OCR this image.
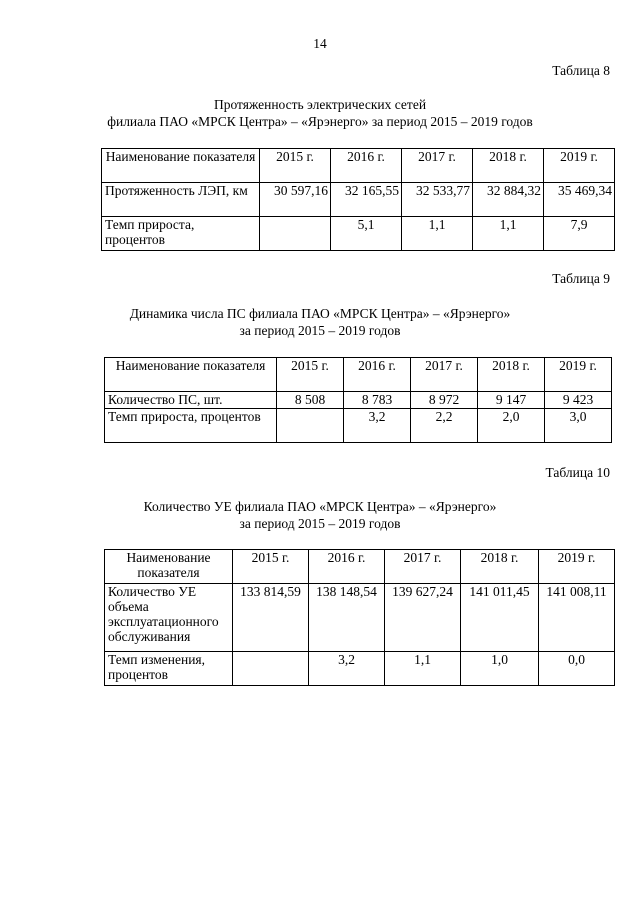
14
Таблица 8
Протяженность электрических сетей
филиала ПАО «МРСК Центра» – «Ярэнерго» за период 2015 – 2019 годов
Наименование показателя	2015 г.	2016 г.	2017 г.	2018 г.	2019 г.
Протяженность ЛЭП, км	30 597,16	32 165,55	32 533,77	32 884,32	35 469,34
Темп прироста, процентов		5,1	1,1	1,1	7,9
Таблица 9
Динамика числа ПС филиала ПАО «МРСК Центра» – «Ярэнерго»
за период 2015 – 2019 годов
Наименование показателя	2015 г.	2016 г.	2017 г.	2018 г.	2019 г.
Количество ПС, шт.	8 508	8 783	8 972	9 147	9 423
Темп прироста, процентов		3,2	2,2	2,0	3,0
Таблица 10
Количество УЕ филиала ПАО «МРСК Центра» – «Ярэнерго»
за период 2015 – 2019 годов
Наименование показателя	2015 г.	2016 г.	2017 г.	2018 г.	2019 г.
Количество УЕ объема эксплуатационного обслуживания	133 814,59	138 148,54	139 627,24	141 011,45	141 008,11
Темп изменения, процентов		3,2	1,1	1,0	0,0
